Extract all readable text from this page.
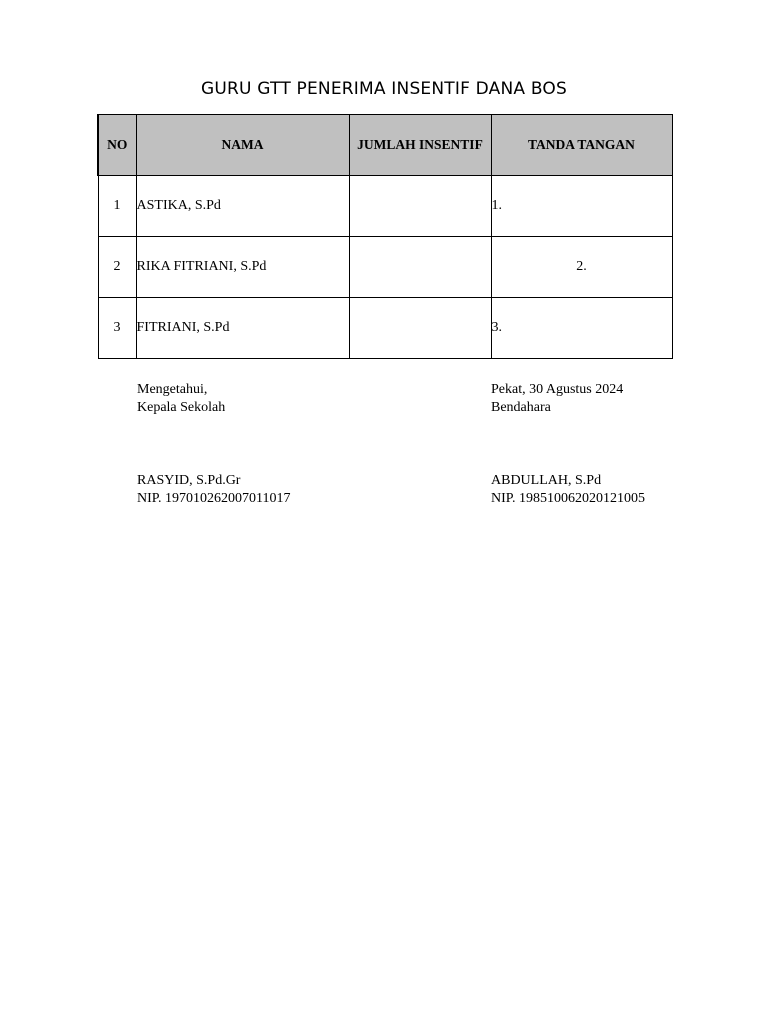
GURU GTT PENERIMA INSENTIF DANA BOS
NO	NAMA	JUMLAH INSENTIF	TANDA TANGAN
1	ASTIKA, S.Pd		1.
2	RIKA FITRIANI, S.Pd		2.
3	FITRIANI, S.Pd		3.
Mengetahui,
Kepala Sekolah
RASYID, S.Pd.Gr
NIP. 197010262007011017
Pekat, 30 Agustus 2024
Bendahara
ABDULLAH, S.Pd
NIP. 198510062020121005
